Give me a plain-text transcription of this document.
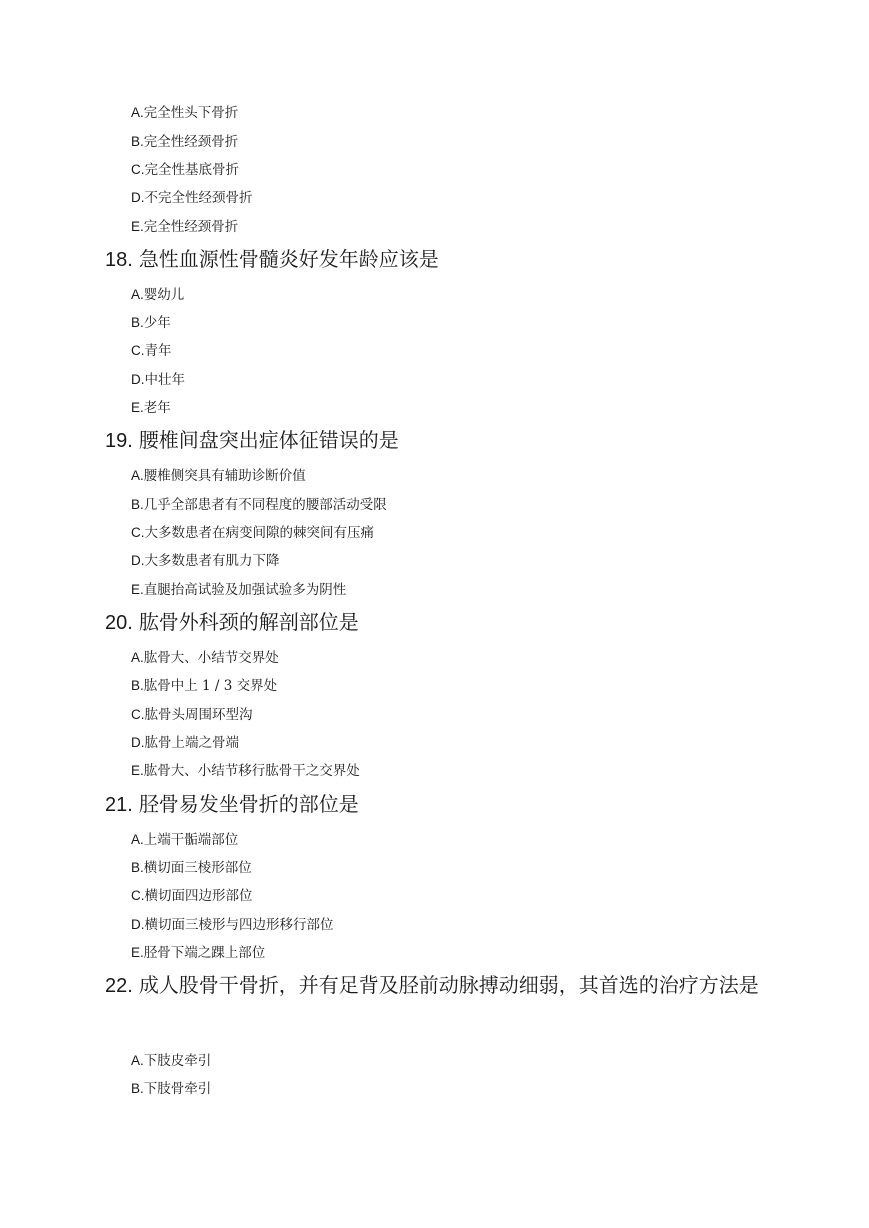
A.完全性头下骨折
B.完全性经颈骨折
C.完全性基底骨折
D.不完全性经颈骨折
E.完全性经颈骨折
18. 急性血源性骨髓炎好发年龄应该是
A.婴幼儿
B.少年
C.青年
D.中壮年
E.老年
19. 腰椎间盘突出症体征错误的是
A.腰椎侧突具有辅助诊断价值
B.几乎全部患者有不同程度的腰部活动受限
C.大多数患者在病变间隙的棘突间有压痛
D.大多数患者有肌力下降
E.直腿抬高试验及加强试验多为阴性
20. 肱骨外科颈的解剖部位是
A.肱骨大、小结节交界处
B.肱骨中上 1 / 3 交界处
C.肱骨头周围环型沟
D.肱骨上端之骨端
E.肱骨大、小结节移行肱骨干之交界处
21. 胫骨易发坐骨折的部位是
A.上端干骺端部位
B.横切面三棱形部位
C.横切面四边形部位
D.横切面三棱形与四边形移行部位
E.胫骨下端之踝上部位
22. 成人股骨干骨折，并有足背及胫前动脉搏动细弱，其首选的治疗方法是
A.下肢皮牵引
B.下肢骨牵引
